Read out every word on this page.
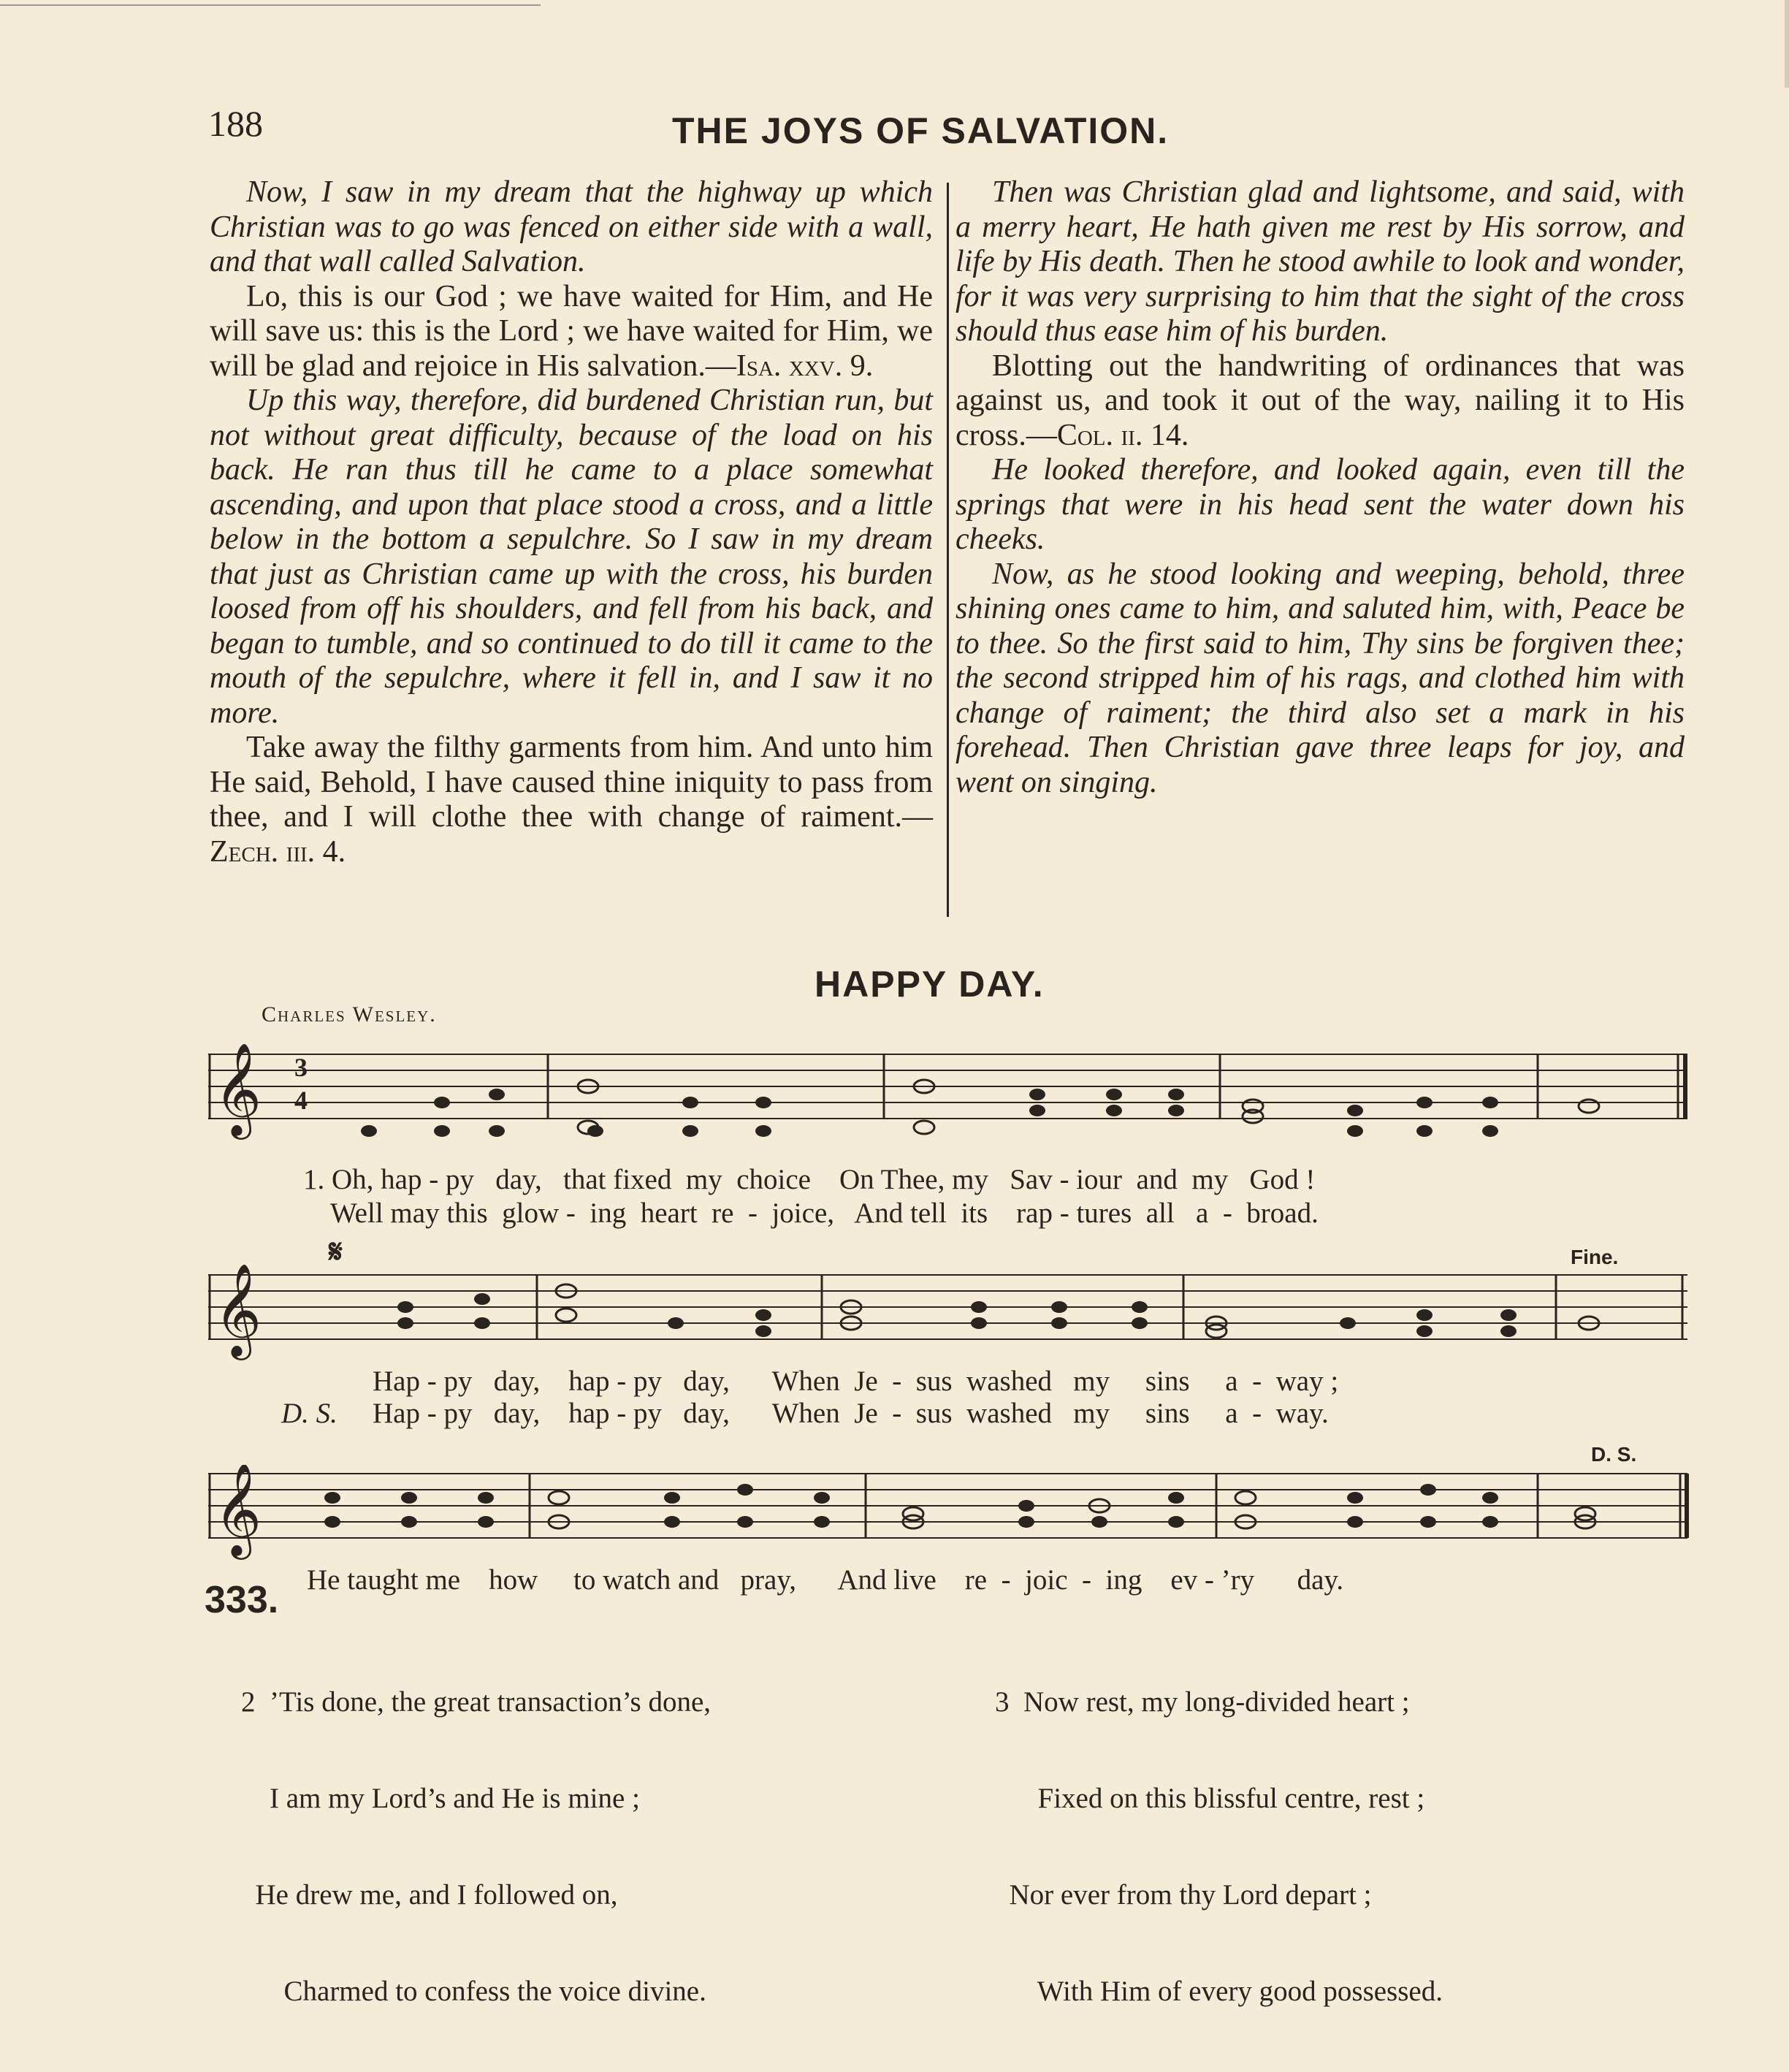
188	THE JOYS OF SALVATION.

Now, I saw in my dream that the highway up which Christian was to go was fenced on either side with a wall, and that wall called Salvation.

Lo, this is our God ; we have waited for Him, and He will save us: this is the Lord ; we have waited for Him, we will be glad and rejoice in His salvation.—Isa. xxv. 9.

Up this way, therefore, did burdened Christian run, but not without great difficulty, because of the load on his back. He ran thus till he came to a place somewhat ascending, and upon that place stood a cross, and a little below in the bottom a sepulchre. So I saw in my dream that just as Christian came up with the cross, his burden loosed from off his shoulders, and fell from his back, and began to tumble, and so continued to do till it came to the mouth of the sepulchre, where it fell in, and I saw it no more.

Take away the filthy garments from him. And unto him He said, Behold, I have caused thine iniquity to pass from thee, and I will clothe thee with change of raiment.—Zech. iii. 4.

Then was Christian glad and lightsome, and said, with a merry heart, He hath given me rest by His sorrow, and life by His death. Then he stood awhile to look and wonder, for it was very surprising to him that the sight of the cross should thus ease him of his burden.

Blotting out the handwriting of ordinances that was against us, and took it out of the way, nailing it to His cross.—Col. ii. 14.

He looked therefore, and looked again, even till the springs that were in his head sent the water down his cheeks.

Now, as he stood looking and weeping, behold, three shining ones came to him, and saluted him, with, Peace be to thee. So the first said to him, Thy sins be forgiven thee; the second stripped him of his rags, and clothed him with change of raiment; the third also set a mark in his forehead. Then Christian gave three leaps for joy, and went on singing.

HAPPY DAY.
Charles Wesley.
𝄞 3
4
1. Oh, hap - py   day,   that fixed  my  choice    On Thee, my   Sav - iour  and  my   God !
Well may this  glow -  ing  heart  re  -  joice,   And tell  its    rap - tures  all   a  -  broad.
𝄋	Fine.
𝄞
Hap - py   day,    hap - py   day,      When  Je  -  sus  washed   my     sins     a  -  way ;
D. S. Hap - py   day,    hap - py   day,      When  Je  -  sus  washed   my     sins     a  -  way.
D. S.
𝄞
333. He taught me    how     to watch and   pray,      And live    re  -  joic  -  ing    ev - ’ry      day.

2  ’Tis done, the great transaction’s done,

I am my Lord’s and He is mine ;

He drew me, and I followed on,

Charmed to confess the voice divine.

3  Now rest, my long-divided heart ;

Fixed on this blissful centre, rest ;

Nor ever from thy Lord depart ;

With Him of every good possessed.
